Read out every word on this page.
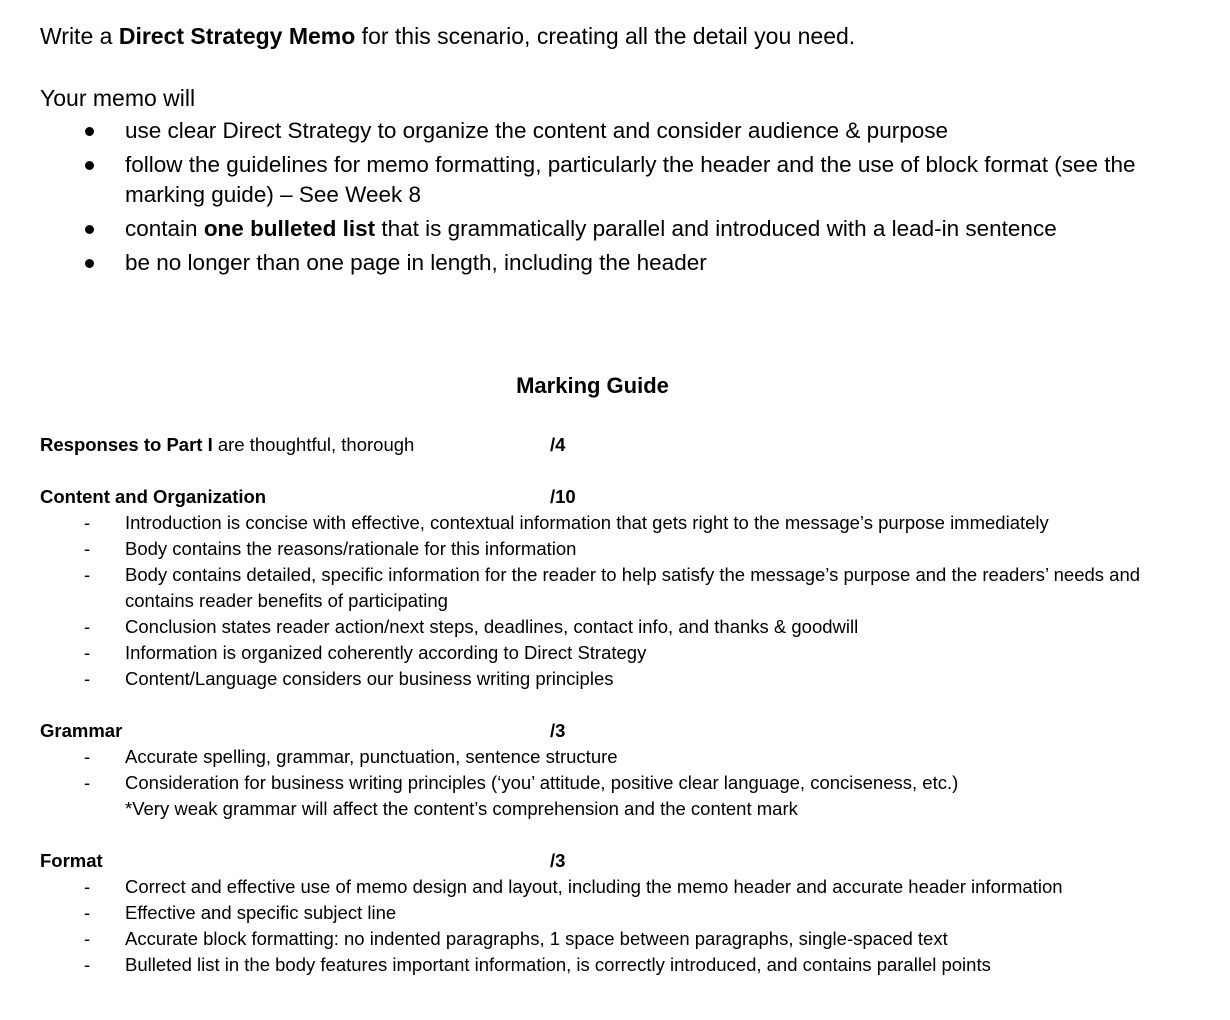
Write a Direct Strategy Memo for this scenario, creating all the detail you need.
Your memo will
use clear Direct Strategy to organize the content and consider audience & purpose
follow the guidelines for memo formatting, particularly the header and the use of block format (see the marking guide) – See Week 8
contain one bulleted list that is grammatically parallel and introduced with a lead-in sentence
be no longer than one page in length, including the header
Marking Guide
Responses to Part I are thoughtful, thorough	/4
Content and Organization	/10
- Introduction is concise with effective, contextual information that gets right to the message’s purpose immediately
- Body contains the reasons/rationale for this information
- Body contains detailed, specific information for the reader to help satisfy the message’s purpose and the readers’ needs and contains reader benefits of participating
- Conclusion states reader action/next steps, deadlines, contact info, and thanks & goodwill
- Information is organized coherently according to Direct Strategy
- Content/Language considers our business writing principles
Grammar	/3
- Accurate spelling, grammar, punctuation, sentence structure
- Consideration for business writing principles (‘you’ attitude, positive clear language, conciseness, etc.)
*Very weak grammar will affect the content’s comprehension and the content mark
Format	/3
- Correct and effective use of memo design and layout, including the memo header and accurate header information
- Effective and specific subject line
- Accurate block formatting: no indented paragraphs, 1 space between paragraphs, single-spaced text
- Bulleted list in the body features important information, is correctly introduced, and contains parallel points
